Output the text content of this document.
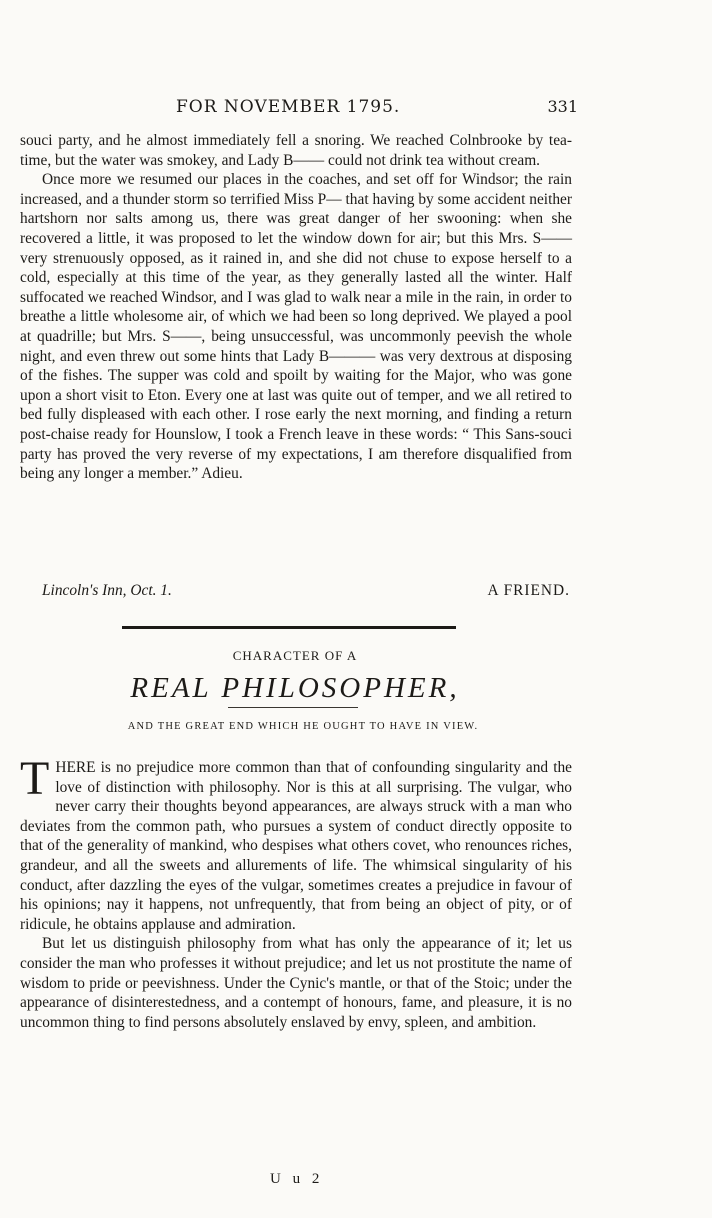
FOR NOVEMBER 1795.	331

souci party, and he almost immediately fell a snoring. We reached Colnbrooke by tea-time, but the water was smokey, and Lady B—— could not drink tea without cream.

Once more we resumed our places in the coaches, and set off for Windsor; the rain increased, and a thunder storm so terrified Miss P— that having by some accident neither hartshorn nor salts among us, there was great danger of her swooning: when she recovered a little, it was proposed to let the window down for air; but this Mrs. S—— very strenuously opposed, as it rained in, and she did not chuse to expose herself to a cold, especially at this time of the year, as they generally lasted all the winter. Half suffocated we reached Windsor, and I was glad to walk near a mile in the rain, in order to breathe a little wholesome air, of which we had been so long deprived. We played a pool at quadrille; but Mrs. S——, being unsuccessful, was uncommonly peevish the whole night, and even threw out some hints that Lady B——— was very dextrous at disposing of the fishes. The supper was cold and spoilt by waiting for the Major, who was gone upon a short visit to Eton. Every one at last was quite out of temper, and we all retired to bed fully displeased with each other. I rose early the next morning, and finding a return post-chaise ready for Hounslow, I took a French leave in these words: “ This Sans-souci party has proved the very reverse of my expectations, I am therefore disqualified from being any longer a member.” Adieu.

Lincoln's Inn, Oct. 1.	A FRIEND.
CHARACTER OF A
REAL PHILOSOPHER,
AND THE GREAT END WHICH HE OUGHT TO HAVE IN VIEW.

THERE is no prejudice more common than that of confounding singularity and the love of distinction with philosophy. Nor is this at all surprising. The vulgar, who never carry their thoughts beyond appearances, are always struck with a man who deviates from the common path, who pursues a system of conduct directly opposite to that of the generality of mankind, who despises what others covet, who renounces riches, grandeur, and all the sweets and allurements of life. The whimsical singularity of his conduct, after dazzling the eyes of the vulgar, sometimes creates a prejudice in favour of his opinions; nay it happens, not unfrequently, that from being an object of pity, or of ridicule, he obtains applause and admiration.

But let us distinguish philosophy from what has only the appearance of it; let us consider the man who professes it without prejudice; and let us not prostitute the name of wisdom to pride or peevishness. Under the Cynic's mantle, or that of the Stoic; under the appearance of disinterestedness, and a contempt of honours, fame, and pleasure, it is no uncommon thing to find persons absolutely enslaved by envy, spleen, and ambition.

U u 2
